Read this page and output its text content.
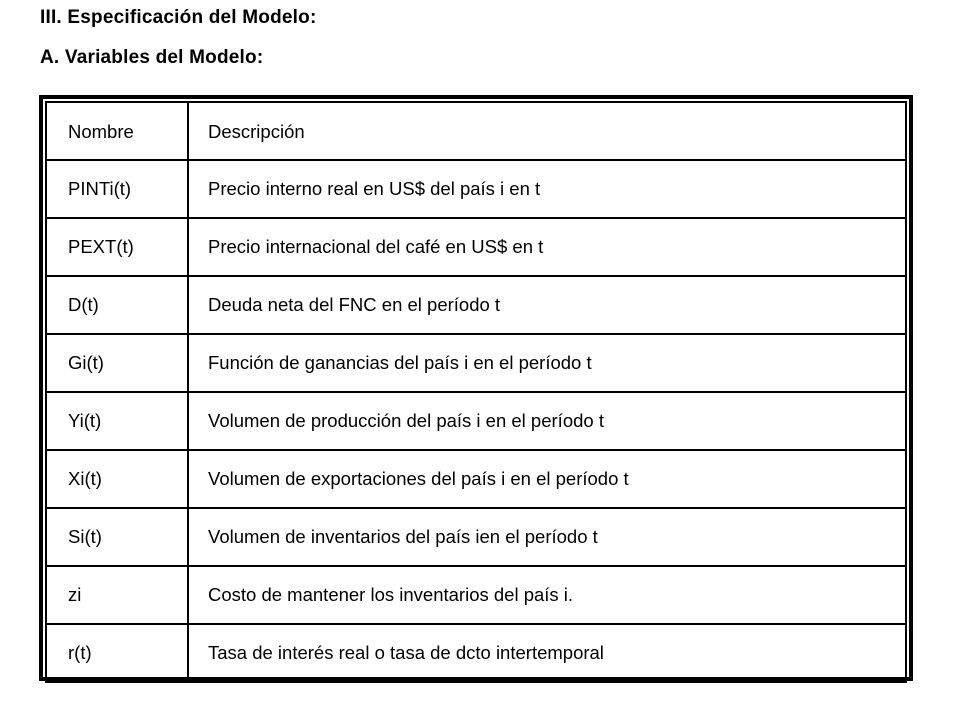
III. Especificación del Modelo:
A. Variables del Modelo:
Nombre	Descripción
PINTi(t)	Precio interno real en US$ del país i en t
PEXT(t)	Precio internacional del café en US$ en t
D(t)	Deuda neta del FNC en el período t
Gi(t)	Función de ganancias del país i en el período t
Yi(t)	Volumen de producción del país i en el período t
Xi(t)	Volumen de exportaciones del país i en el período t
Si(t)	Volumen de inventarios del país ien el período t
zi	Costo de mantener los inventarios del país i.
r(t)	Tasa de interés real o tasa de dcto intertemporal
